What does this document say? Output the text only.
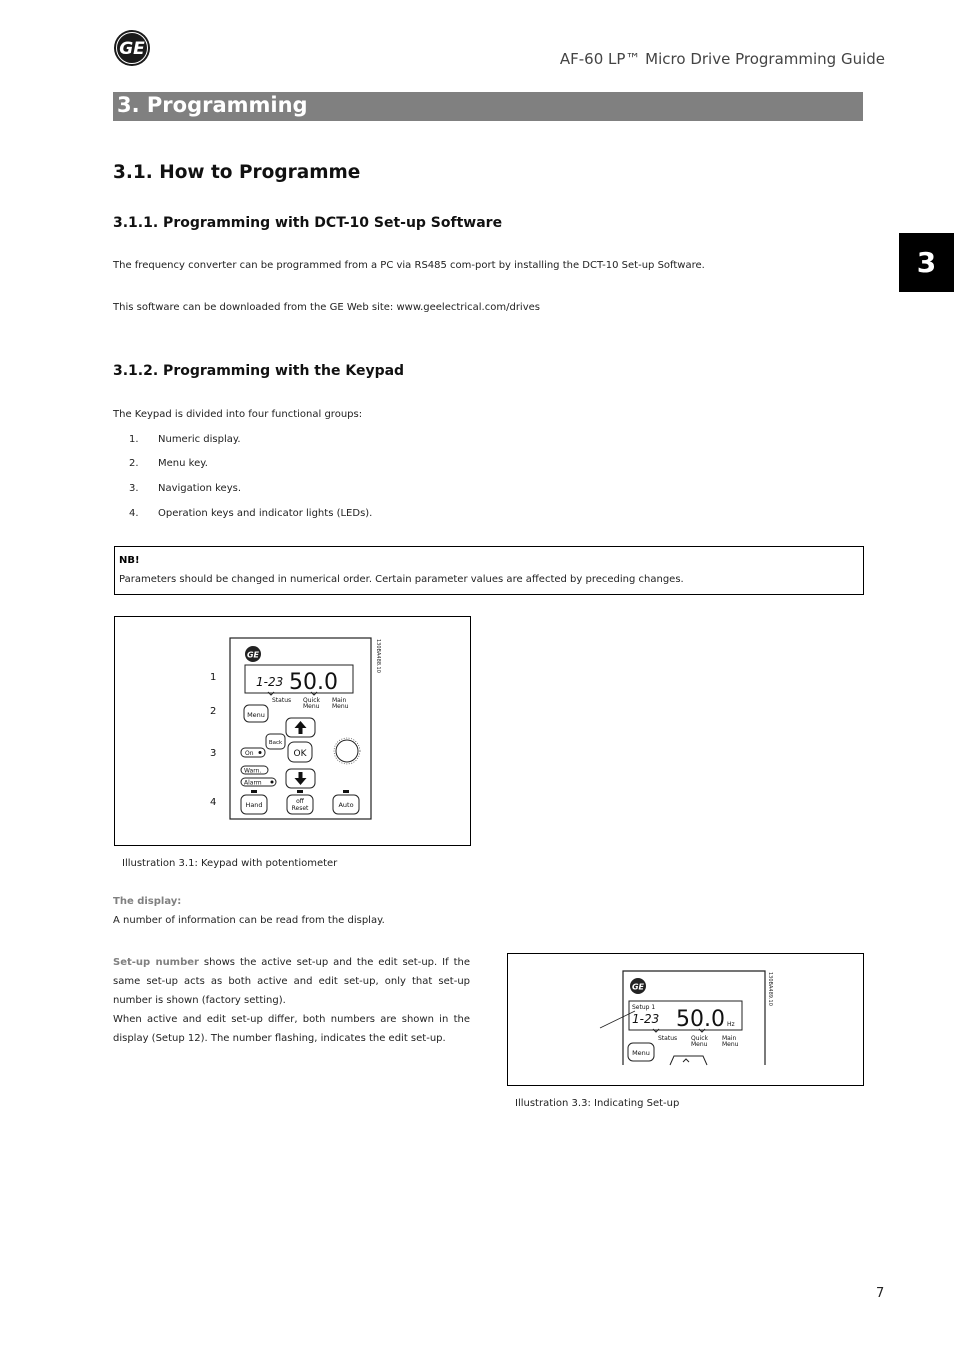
GE	AF-60 LP™ Micro Drive Programming Guide
3. Programming
3
3.1. How to Programme
3.1.1. Programming with DCT-10 Set-up Software
The frequency converter can be programmed from a PC via RS485 com-port by installing the DCT-10 Set-up Software.
This software can be downloaded from the GE Web site: www.geelectrical.com/drives
3.1.2. Programming with the Keypad
The Keypad is divided into four functional groups:
1. Numeric display.
2. Menu key.
3. Navigation keys.
4. Operation keys and indicator lights (LEDs).
NB!
Parameters should be changed in numerical order. Certain parameter values are affected by preceding changes.
1
2
3
4
130BA488.10
GE
1-23 50.0
Status Quick
Menu
Main
Menu
Menu
Back
OK
On
Warn.
Alarm
Hand	off
Reset	Auto
Illustration 3.1: Keypad with potentiometer
The display:
A number of information can be read from the display.
Set-up number shows the active set-up and the edit set-up. If the same set-up acts as both active and edit set-up, only that set-up number is shown (factory setting).
When active and edit set-up differ, both numbers are shown in the display (Setup 12). The number flashing, indicates the edit set-up.
130BA489.10
GE
Setup 1
1-23 50.0 Hz
Status Quick
Menu
Main
Menu
Menu
Illustration 3.3: Indicating Set-up
7
